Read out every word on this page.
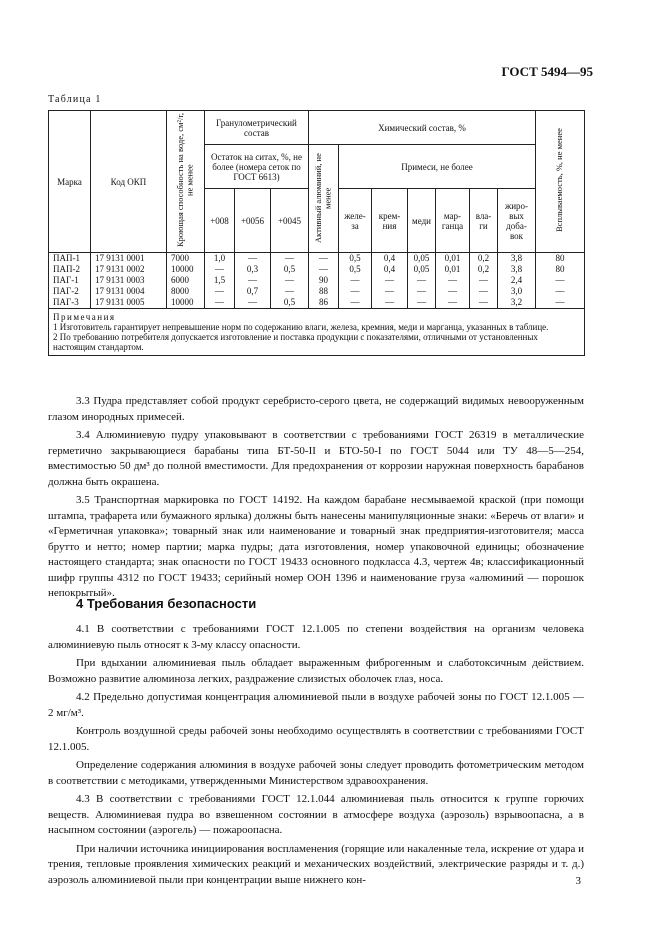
ГОСТ 5494—95
Таблица 1
Марка	Код ОКП	Кроющая способность на воде, см²/г, не менее	Гранулометрический состав			Химический состав, %							Всплываемость, %, не менее
			Остаток на ситах, %, не более (номера сеток по ГОСТ 6613)			Активный алюминий, не менее	Примеси, не более						
			+008	+0056	+0045		желе-за	крем-ния	меди	мар-ганца	вла-ги	жиро-вых доба-вок	
ПАП-1	17 9131 0001	7000	1,0	—	—	—	0,5	0,4	0,05	0,01	0,2	3,8	80
ПАП-2	17 9131 0002	10000	—	0,3	0,5	—	0,5	0,4	0,05	0,01	0,2	3,8	80
ПАГ-1	17 9131 0003	6000	1,5	—	—	90	—	—	—	—	—	2,4	—
ПАГ-2	17 9131 0004	8000	—	0,7	—	88	—	—	—	—	—	3,0	—
ПАГ-3	17 9131 0005	10000	—	—	0,5	86	—	—	—	—	—	3,2	—

Примечания
1 Изготовитель гарантирует непревышение норм по содержанию влаги, железа, кремния, меди и марганца, указанных в таблице.
2 По требованию потребителя допускается изготовление и поставка продукции с показателями, отличными от установленных настоящим стандартом.													

3.3 Пудра представляет собой продукт серебристо-серого цвета, не содержащий видимых невооруженным глазом инородных примесей.

3.4 Алюминиевую пудру упаковывают в соответствии с требованиями ГОСТ 26319 в металлические герметично закрывающиеся барабаны типа БТ-50-II и БТО-50-I по ГОСТ 5044 или ТУ 48—5—254, вместимостью 50 дм³ до полной вместимости. Для предохранения от коррозии наружная поверхность барабанов должна быть окрашена.

3.5 Транспортная маркировка по ГОСТ 14192. На каждом барабане несмываемой краской (при помощи штампа, трафарета или бумажного ярлыка) должны быть нанесены манипуляционные знаки: «Беречь от влаги» и «Герметичная упаковка»; товарный знак или наименование и товарный знак предприятия-изготовителя; масса брутто и нетто; номер партии; марка пудры; дата изготовления, номер упаковочной единицы; обозначение настоящего стандарта; знак опасности по ГОСТ 19433 основного подкласса 4.3, чертеж 4в; классификационный шифр группы 4312 по ГОСТ 19433; серийный номер ООН 1396 и наименование груза «алюминий — порошок непокрытый».

4 Требования безопасности

4.1 В соответствии с требованиями ГОСТ 12.1.005 по степени воздействия на организм человека алюминиевую пыль относят к 3-му классу опасности.

При вдыхании алюминиевая пыль обладает выраженным фиброгенным и слаботоксичным действием. Возможно развитие алюминоза легких, раздражение слизистых оболочек глаз, носа.

4.2 Предельно допустимая концентрация алюминиевой пыли в воздухе рабочей зоны по ГОСТ 12.1.005 — 2 мг/м³.

Контроль воздушной среды рабочей зоны необходимо осуществлять в соответствии с требованиями ГОСТ 12.1.005.

Определение содержания алюминия в воздухе рабочей зоны следует проводить фотометрическим методом в соответствии с методиками, утвержденными Министерством здравоохранения.

4.3 В соответствии с требованиями ГОСТ 12.1.044 алюминиевая пыль относится к группе горючих веществ. Алюминиевая пудра во взвешенном состоянии в атмосфере воздуха (аэрозоль) взрывоопасна, а в насыпном состоянии (аэрогель) — пожароопасна.

При наличии источника инициирования воспламенения (горящие или накаленные тела, искрение от удара и трения, тепловые проявления химических реакций и механических воздействий, электрические разряды и т. д.) аэрозоль алюминиевой пыли при концентрации выше нижнего кон-	3
